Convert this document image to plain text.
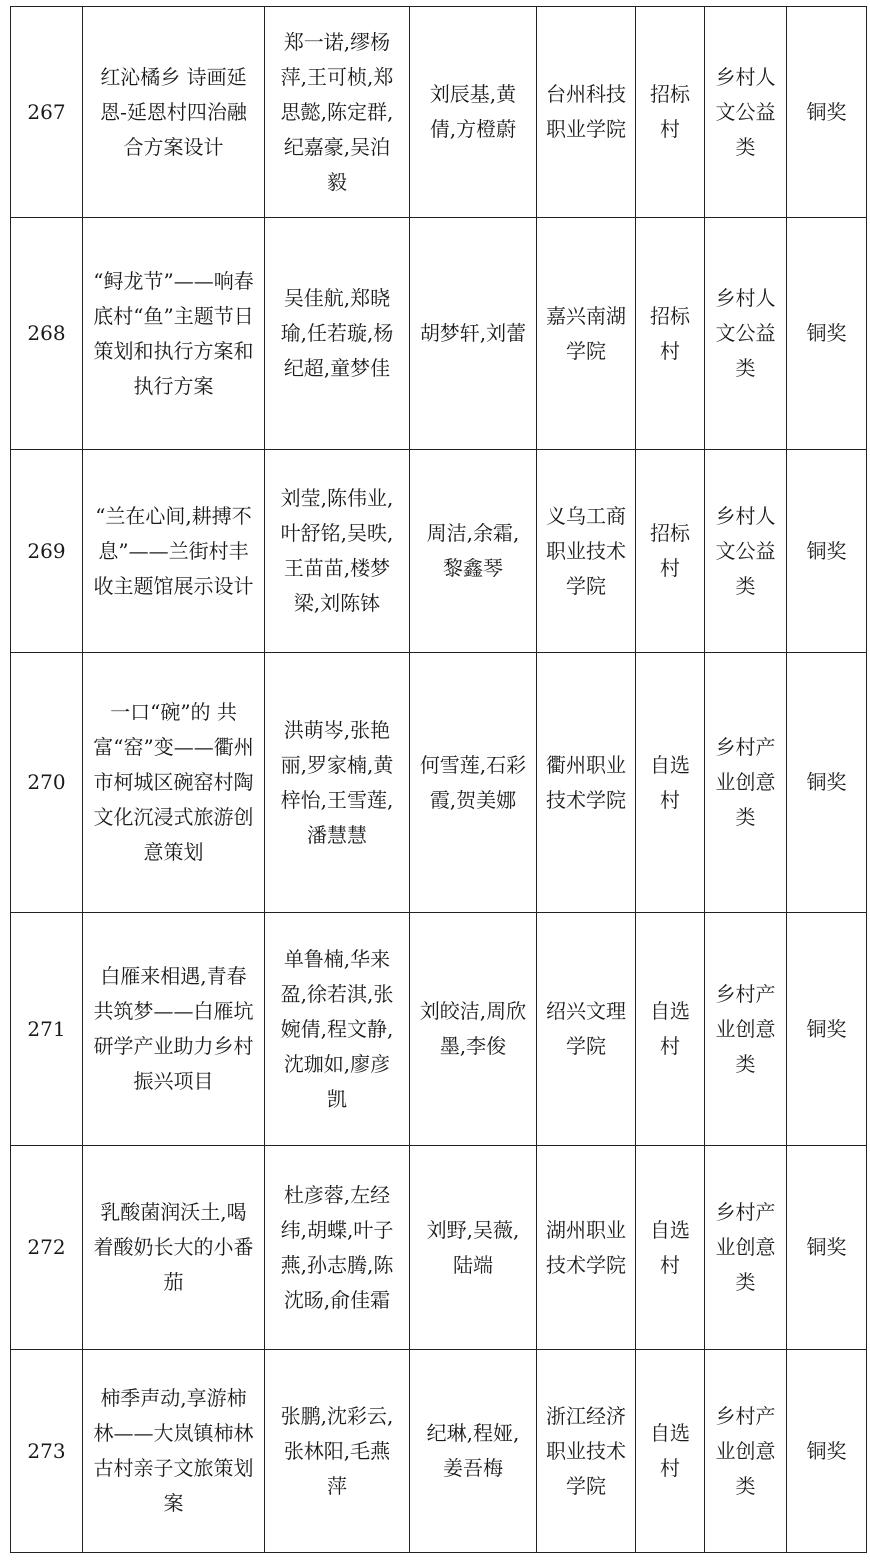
267	红沁橘乡 诗画延恩-延恩村四治融合方案设计	郑一诺,缪杨萍,王可桢,郑思懿,陈定群,纪嘉豪,吴泊毅	刘辰基,黄倩,方橙蔚	台州科技职业学院	招标村	乡村人文公益类	铜奖
268	“鲟龙节”——响春底村“鱼”主题节日策划和执行方案和执行方案	吴佳航,郑晓瑜,任若璇,杨纪超,童梦佳	胡梦轩,刘蕾	嘉兴南湖学院	招标村	乡村人文公益类	铜奖
269	“兰在心间,耕搏不息”——兰街村丰收主题馆展示设计	刘莹,陈伟业,叶舒铭,吴昳,王苗苗,楼梦梁,刘陈钵	周洁,余霜,黎鑫琴	义乌工商职业技术学院	招标村	乡村人文公益类	铜奖
270	一口“碗”的 共富“窑”变——衢州市柯城区碗窑村陶文化沉浸式旅游创意策划	洪萌岑,张艳丽,罗家楠,黄梓怡,王雪莲,潘慧慧	何雪莲,石彩霞,贺美娜	衢州职业技术学院	自选村	乡村产业创意类	铜奖
271	白雁来相遇,青春共筑梦——白雁坑研学产业助力乡村振兴项目	单鲁楠,华来盈,徐若淇,张婉倩,程文静,沈珈如,廖彦凯	刘皎洁,周欣墨,李俊	绍兴文理学院	自选村	乡村产业创意类	铜奖
272	乳酸菌润沃土,喝着酸奶长大的小番茄	杜彦蓉,左经纬,胡蝶,叶子燕,孙志腾,陈沈旸,俞佳霜	刘野,吴薇,陆端	湖州职业技术学院	自选村	乡村产业创意类	铜奖
273	柿季声动,享游柿林——大岚镇柿林古村亲子文旅策划案	张鹏,沈彩云,张林阳,毛燕萍	纪琳,程娅,姜吾梅	浙江经济职业技术学院	自选村	乡村产业创意类	铜奖
